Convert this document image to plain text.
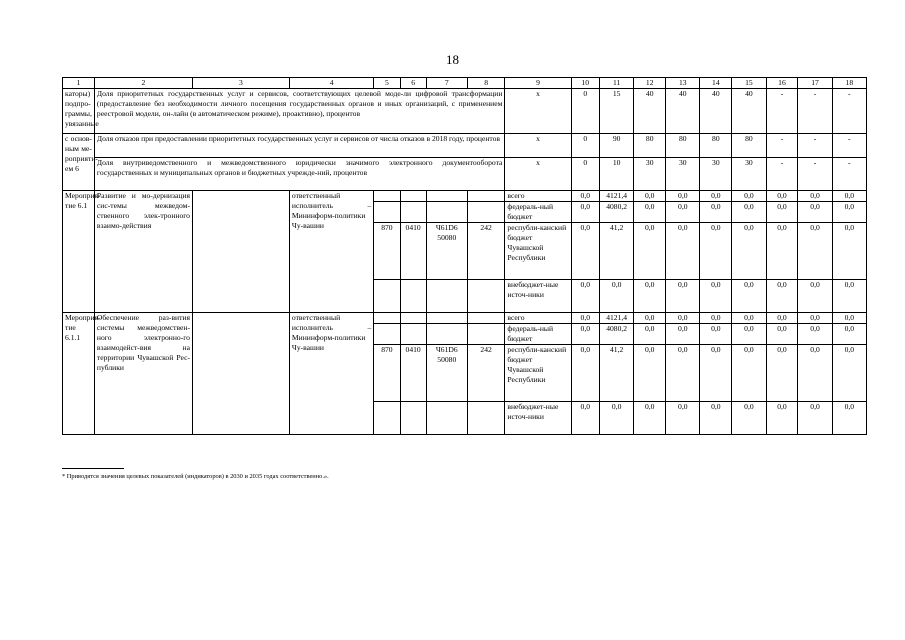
18
1	2	3	4	5	6	7	8	9	10	11	12	13	14	15	16	17	18
каторы) подпро-граммы, увязанные	Доля приоритетных государственных услуг и сервисов, соответствующих целевой моде-ли цифровой трансформации (предоставление без необходимости личного посещения государственных органов и иных организаций, с применением реестровой модели, он-лайн (в автоматическом режиме), проактивно), процентов							x	0	15	40	40	40	40	-	-	-
с основ-ным ме-роприяти-ем 6	Доля отказов при предоставлении приоритетных государственных услуг и сервисов от числа отказов в 2018 году, процентов							x	0	90	80	80	80	80	-	-	-
	Доля внутриведомственного и межведомственного юридически значимого электронного документооборота государственных и муниципальных органов и бюджетных учрежде-ний, процентов							x	0	10	30	30	30	30	-	-	-
Мероприя-тие 6.1	Развитие и мо-дернизация сис-темы межведом-ственного элек-тронного взаимо-действия		ответственный исполнитель – Мининформ-политики Чу-вашии					всего	0,0	4121,4	0,0	0,0	0,0	0,0	0,0	0,0	0,0
								федераль-ный бюджет	0,0	4080,2	0,0	0,0	0,0	0,0	0,0	0,0	0,0
				870	0410	Ч61D6 50080	242	республи-канский бюджет Чувашской Республики	0,0	41,2	0,0	0,0	0,0	0,0	0,0	0,0	0,0
								внебюджет-ные источ-ники	0,0	0,0	0,0	0,0	0,0	0,0	0,0	0,0	0,0
Мероприя-тие 6.1.1	Обеспечение раз-вития системы межведомствен-ного электронно-го взаимодейст-вия на территории Чувашской Рес-публики		ответственный исполнитель – Мининформ-политики Чу-вашии					всего	0,0	4121,4	0,0	0,0	0,0	0,0	0,0	0,0	0,0
								федераль-ный бюджет	0,0	4080,2	0,0	0,0	0,0	0,0	0,0	0,0	0,0
				870	0410	Ч61D6 50080	242	республи-канский бюджет Чувашской Республики	0,0	41,2	0,0	0,0	0,0	0,0	0,0	0,0	0,0
								внебюджет-ные источ-ники	0,0	0,0	0,0	0,0	0,0	0,0	0,0	0,0	0,0
* Приводятся значения целевых показателей (индикаторов) в 2030 и 2035 годах соответственно.».
